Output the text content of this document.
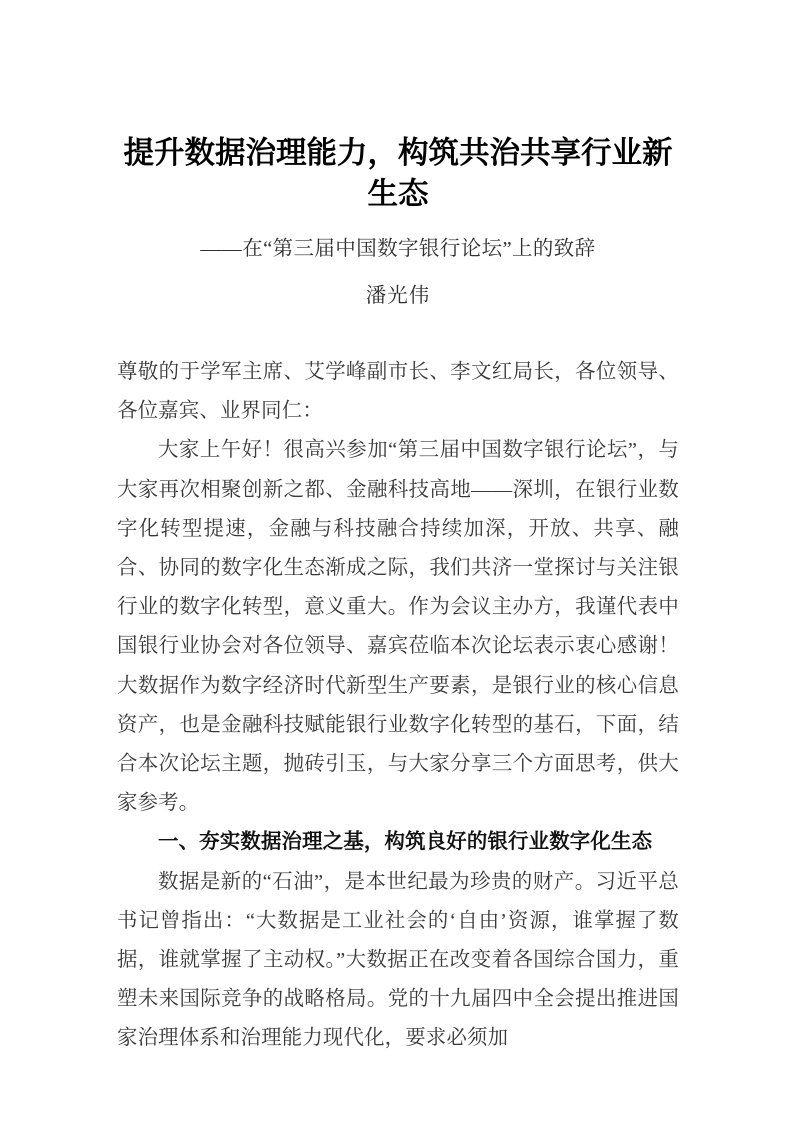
提升数据治理能力，构筑共治共享行业新生态
——在“第三届中国数字银行论坛”上的致辞
潘光伟

尊敬的于学军主席、艾学峰副市长、李文红局长，各位领导、各位嘉宾、业界同仁：

大家上午好！很高兴参加“第三届中国数字银行论坛”，与大家再次相聚创新之都、金融科技高地——深圳，在银行业数字化转型提速，金融与科技融合持续加深，开放、共享、融合、协同的数字化生态渐成之际，我们共济一堂探讨与关注银行业的数字化转型，意义重大。作为会议主办方，我谨代表中国银行业协会对各位领导、嘉宾莅临本次论坛表示衷心感谢！大数据作为数字经济时代新型生产要素，是银行业的核心信息资产，也是金融科技赋能银行业数字化转型的基石，下面，结合本次论坛主题，抛砖引玉，与大家分享三个方面思考，供大家参考。

一、夯实数据治理之基，构筑良好的银行业数字化生态

数据是新的“石油”，是本世纪最为珍贵的财产。习近平总书记曾指出：“大数据是工业社会的‘自由’资源，谁掌握了数据，谁就掌握了主动权。”大数据正在改变着各国综合国力，重塑未来国际竞争的战略格局。党的十九届四中全会提出推进国家治理体系和治理能力现代化，要求必须加
